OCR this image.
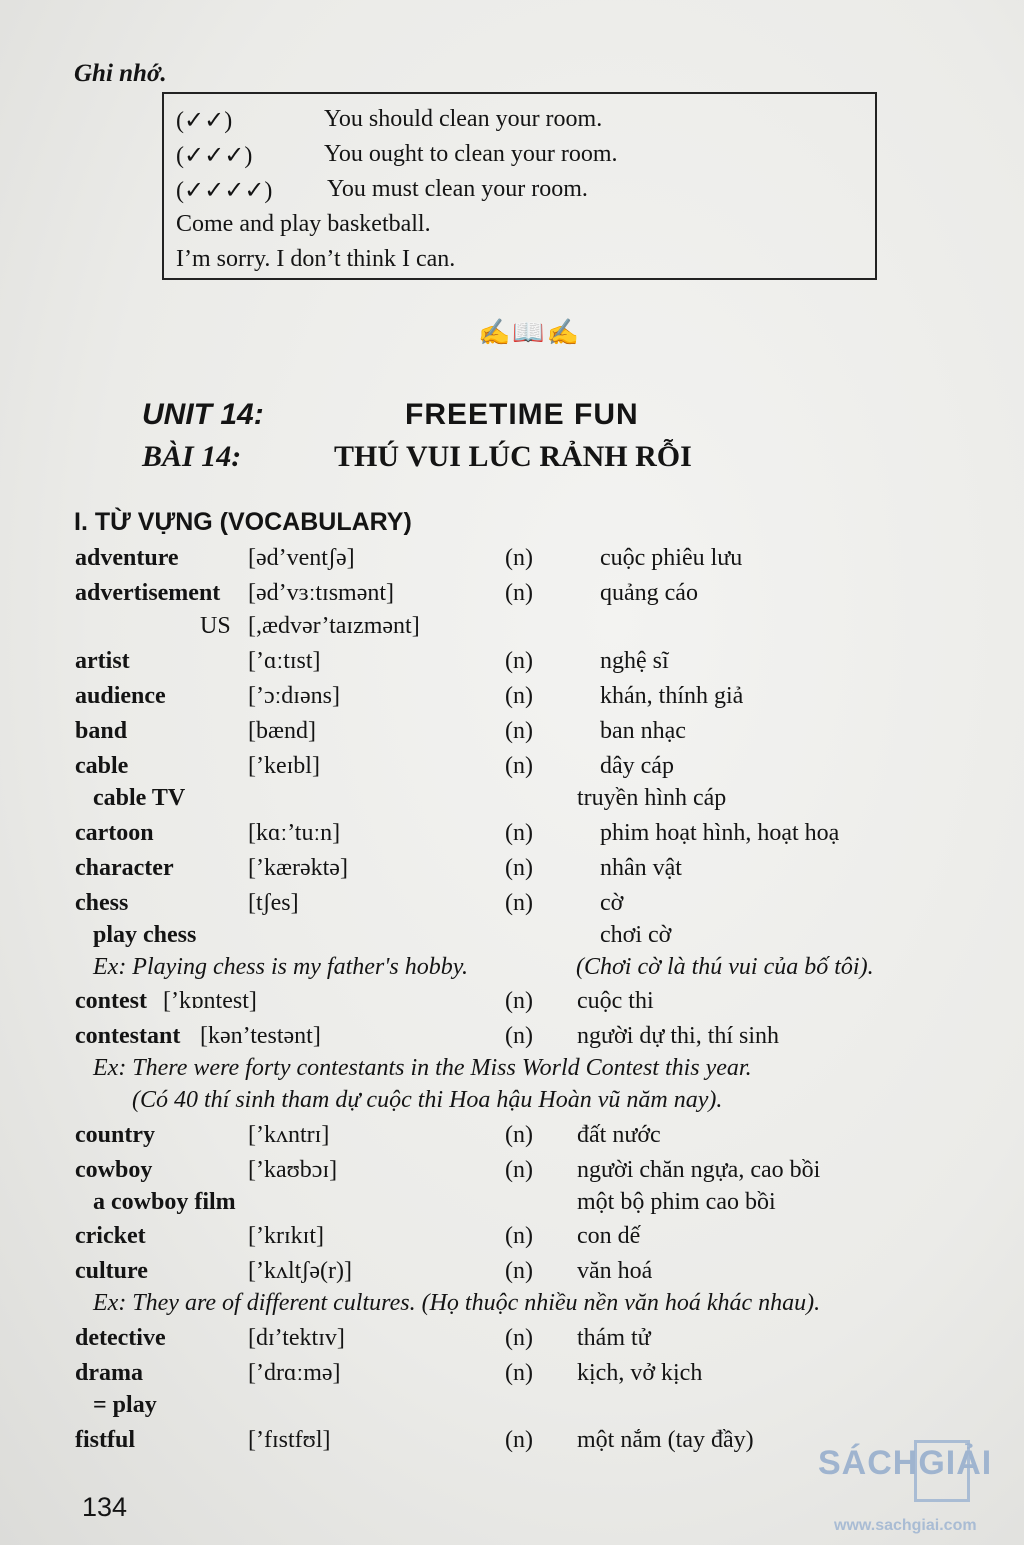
Ghi nhớ.
(✓✓)	You should clean your room.
(✓✓✓)	You ought to clean your room.
(✓✓✓✓) You must clean your room.
Come and play basketball.
I’m sorry. I don’t think I can.
✍📖✍
UNIT 14:	FREETIME FUN
BÀI 14:	THÚ VUI LÚC RẢNH RỖI
I. TỪ VỰNG (VOCABULARY)
adventure	[əd’ventʃə]	(n)	cuộc phiêu lưu
advertisement [əd’vɜːtɪsmənt]	(n)	quảng cáo
US [,ædvər’taɪzmənt]
artist	[’ɑːtɪst]	(n)	nghệ sĩ
audience	[’ɔːdɪəns]	(n)	khán, thính giả
band	[bænd]	(n)	ban nhạc
cable	[’keɪbl]	(n)	dây cáp
cable TV	truyền hình cáp
cartoon	[kɑː’tuːn]	(n)	phim hoạt hình, hoạt hoạ
character	[’kærəktə]	(n)	nhân vật
chess	[tʃes]	(n)	cờ
play chess	chơi cờ
Ex: Playing chess is my father's hobby.	(Chơi cờ là thú vui của bố tôi).
contest [’kɒntest]	(n) cuộc thi
contestant [kən’testənt]	(n) người dự thi, thí sinh
Ex: There were forty contestants in the Miss World Contest this year.
(Có 40 thí sinh tham dự cuộc thi Hoa hậu Hoàn vũ năm nay).
country	[’kʌntrɪ]	(n) đất nước
cowboy	[’kaʊbɔɪ]	(n) người chăn ngựa, cao bồi
a cowboy film	một bộ phim cao bồi
cricket	[’krɪkɪt]	(n) con dế
culture	[’kʌltʃə(r)]	(n) văn hoá
Ex: They are of different cultures. (Họ thuộc nhiều nền văn hoá khác nhau).
detective	[dɪ’tektɪv]	(n) thám tử
drama	[’drɑːmə]	(n) kịch, vở kịch
= play
fistful	[’fɪstfʊl]	(n) một nắm (tay đầy)
134
SÁCHGIẢI
www.sachgiai.com
